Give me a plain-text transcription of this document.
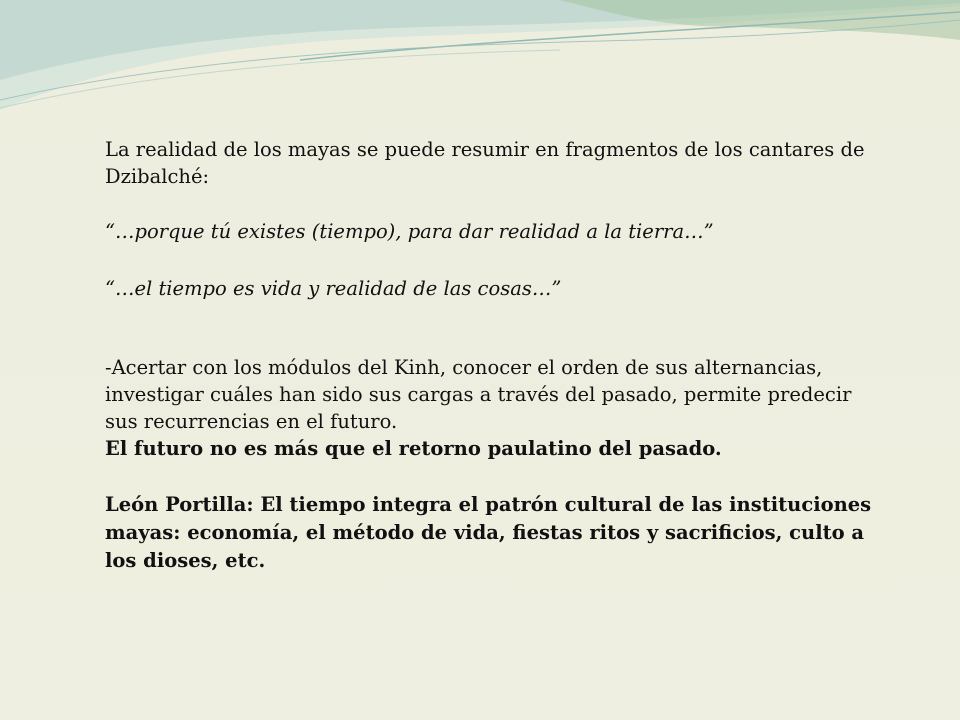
La realidad de los mayas se puede resumir en fragmentos de los cantares de Dzibalché:

“…porque tú existes (tiempo), para dar realidad a la tierra…”

“…el tiempo es vida y realidad de las cosas…”

-Acertar con los módulos del Kinh, conocer el orden de sus alternancias, investigar cuáles han sido sus cargas a través del pasado, permite predecir sus recurrencias en el futuro.

El futuro no es más que el retorno paulatino del pasado.

León Portilla: El tiempo integra el patrón cultural de las instituciones mayas: economía, el método de vida, fiestas ritos y sacrificios, culto a los dioses, etc.
